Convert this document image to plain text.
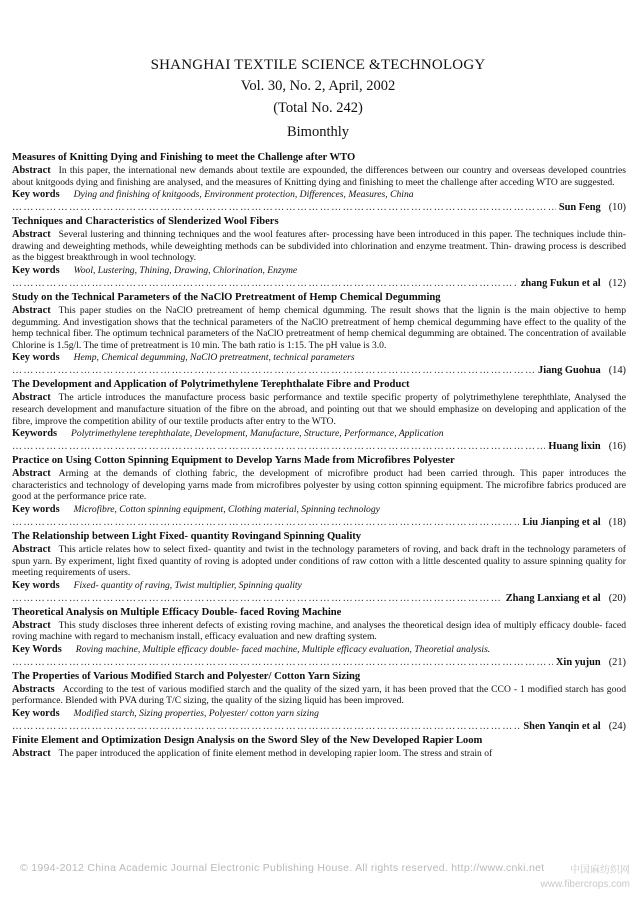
SHANGHAI TEXTILE SCIENCE &TECHNOLOGY
Vol. 30, No. 2, April, 2002
(Total No. 242)
Bimonthly
Measures of Knitting Dying and Finishing to meet the Challenge after WTO
Abstract In this paper, the international new demands about textile are expounded, the differences between our country and overseas developed countries about knitgoods dying and finishing are analysed, and the measures of Knitting dying and finishing to meet the challenge after acceding WTO are suggested.
Key words Dying and finishing of knitgoods, Environment protection, Differences, Measures, China
……………………………………………………………………………………………………………………………………………………………………………………
Sun Feng (10)
Techniques and Characteristics of Slenderized Wool Fibers
Abstract Several lustering and thinning techniques and the wool features after- processing have been introduced in this paper. The techniques include thin- drawing and deweighting methods, while deweighting methods can be subdivided into chlorination and enzyme treatment. Thin- drawing process is described as the biggest breakthrough in wool technology.
Key words Wool, Lustering, Thining, Drawing, Chlorination, Enzyme
……………………………………………………………………………………………………………………………………………………………………………………
zhang Fukun et al (12)
Study on the Technical Parameters of the NaClO Pretreatment of Hemp Chemical Degumming
Abstract This paper studies on the NaClO pretreament of hemp chemical dgumming. The result shows that the lignin is the main objective to hemp degumming. And investigation shows that the technical parameters of the NaClO pretreatment of hemp chemical degumming have effect to the quality of the hemp technical fiber. The optimum technical parameters of the NaClO pretreatment of hemp chemical degumming are obtained. The concentration of available Chlorine is 1.5g/l. The time of pretreatment is 10 min. The bath ratio is 1:15. The pH value is 3.0.
Key words Hemp, Chemical degumming, NaClO pretreatment, technical parameters
……………………………………………………………………………………………………………………………………………………………………………………
Jiang Guohua (14)
The Development and Application of Polytrimethylene Terephthalate Fibre and Product
Abstract The article introduces the manufacture process basic performance and textile specific property of polytrimethylene terephthlate, Analysed the research development and manufacture situation of the fibre on the abroad, and pointing out that we should emphasize on developing and application of the fibre, improve the competition ability of our textile products after entry to the WTO.
Keywords Polytrimethylene terephthalate, Development, Manufacture, Structure, Performance, Application
……………………………………………………………………………………………………………………………………………………………………………………
Huang lixin (16)
Practice on Using Cotton Spinning Equipment to Develop Yarns Made from Microfibres Polyester
Abstract Arming at the demands of clothing fabric, the development of microfibre product had been carried through. This paper introduces the characteristics and technology of developing yarns made from microfibres polyester by using cotton spinning equipment. The microfibre fabrics produced are good at the performance price rate.
Key words Microfibre, Cotton spinning equipment, Clothing material, Spinning technology
……………………………………………………………………………………………………………………………………………………………………………………
Liu Jianping et al (18)
The Relationship between Light Fixed- quantity Rovingand Spinning Quality
Abstract This article relates how to select fixed- quantity and twist in the technology parameters of roving, and back draft in the technology parameters of spun yarn. By experiment, light fixed quantity of roving is adopted under conditions of raw cotton with a little descented quality to assure spinning quality for meeting requirements of users.
Key words Fixed- quantity of raving, Twist multiplier, Spinning quality
……………………………………………………………………………………………………………………………………………………………………………………
Zhang Lanxiang et al (20)
Theoretical Analysis on Multiple Efficacy Double- faced Roving Machine
Abstract This study discloses three inherent defects of existing roving machine, and analyses the theoretical design idea of multiply efficacy double- faced roving machine with regard to mechanism install, efficacy evaluation and new drafting system.
Key Words Roving machine, Multiple efficacy double- faced machine, Multiple efficacy evaluation, Theoretial analysis.
……………………………………………………………………………………………………………………………………………………………………………………
Xin yujun (21)
The Properties of Various Modified Starch and Polyester/ Cotton Yarn Sizing
Abstracts According to the test of various modified starch and the quality of the sized yarn, it has been proved that the CCO - 1 modified starch has good performance. Blended with PVA during T/C sizing, the quality of the sizing liquid has been improved.
Key words Modified starch, Sizing properties, Polyester/ cotton yarn sizing
……………………………………………………………………………………………………………………………………………………………………………………
Shen Yanqin et al (24)
Finite Element and Optimization Design Analysis on the Sword Sley of the New Developed Rapier Loom
Abstract The paper introduced the application of finite element method in developing rapier loom. The stress and strain of
© 1994-2012 China Academic Journal Electronic Publishing House. All rights reserved. http://www.cnki.net	中国麻纺织网
www.fibercrops.com
